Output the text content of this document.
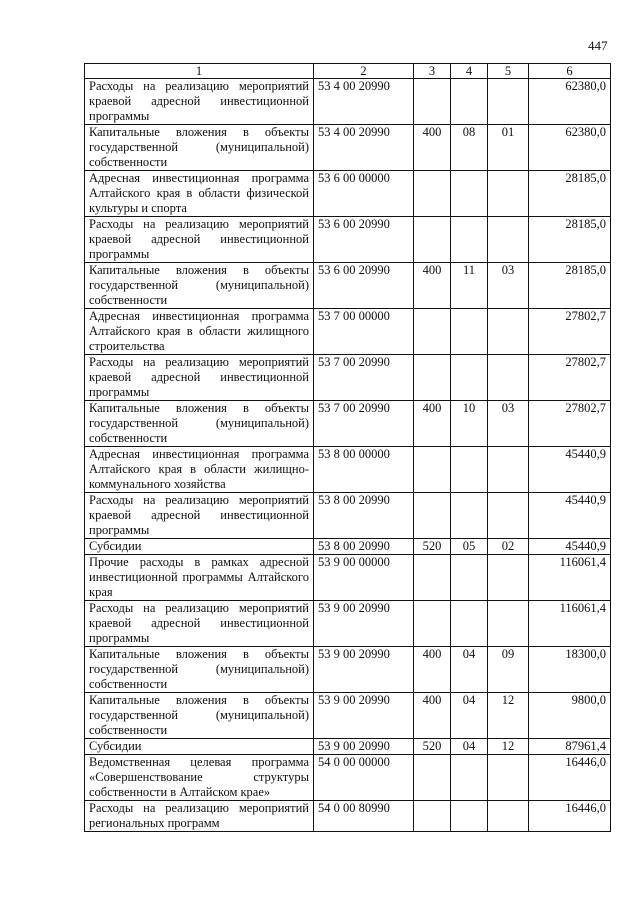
447
1	2	3	4	5	6
Расходы на реализацию мероприятий краевой адресной инвестиционной программы	53 4 00 20990				62380,0
Капитальные вложения в объекты государственной (муниципальной) собственности	53 4 00 20990	400	08	01	62380,0
Адресная инвестиционная программа Алтайского края в области физической культуры и спорта	53 6 00 00000				28185,0
Расходы на реализацию мероприятий краевой адресной инвестиционной программы	53 6 00 20990				28185,0
Капитальные вложения в объекты государственной (муниципальной) собственности	53 6 00 20990	400	11	03	28185,0
Адресная инвестиционная программа Алтайского края в области жилищного строительства	53 7 00 00000				27802,7
Расходы на реализацию мероприятий краевой адресной инвестиционной программы	53 7 00 20990				27802,7
Капитальные вложения в объекты государственной (муниципальной) собственности	53 7 00 20990	400	10	03	27802,7
Адресная инвестиционная программа Алтайского края в области жилищно-коммунального хозяйства	53 8 00 00000				45440,9
Расходы на реализацию мероприятий краевой адресной инвестиционной программы	53 8 00 20990				45440,9
Субсидии	53 8 00 20990	520	05	02	45440,9
Прочие расходы в рамках адресной инвестиционной программы Алтайского края	53 9 00 00000				116061,4
Расходы на реализацию мероприятий краевой адресной инвестиционной программы	53 9 00 20990				116061,4
Капитальные вложения в объекты государственной (муниципальной) собственности	53 9 00 20990	400	04	09	18300,0
Капитальные вложения в объекты государственной (муниципальной) собственности	53 9 00 20990	400	04	12	9800,0
Субсидии	53 9 00 20990	520	04	12	87961,4
Ведомственная целевая программа «Совершенствование структуры собственности в Алтайском крае»	54 0 00 00000				16446,0
Расходы на реализацию мероприятий региональных программ	54 0 00 80990				16446,0
